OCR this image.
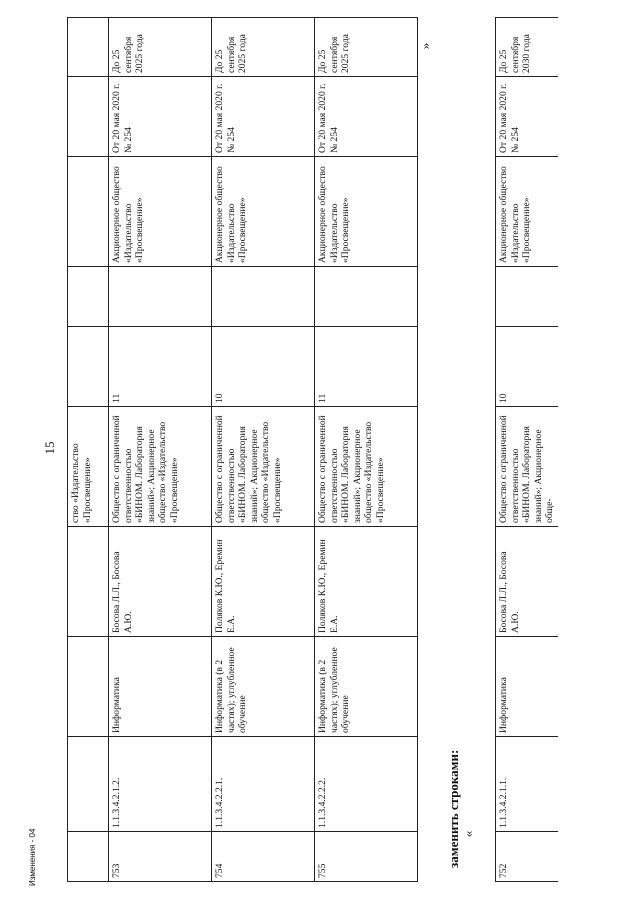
15
				ство «Издательство «Просвещение»					
753	1.1.3.4.2.1.2.	Информатика	Босова Л.Л., Босова А.Ю.	Общество с ограниченной ответственностью «БИНОМ. Лаборатория знаний»; Акционерное общество «Издательство «Просвещение»	11		Акционерное общество «Издательство «Просвещение»	От 20 мая 2020 г. № 254	До 25 сентября 2025 года
754	1.1.3.4.2.2.1.	Информатика (в 2 частях); углубленное обучение	Поляков К.Ю., Еремин Е.А.	Общество с ограниченной ответственностью «БИНОМ. Лаборатория знаний»; Акционерное общество «Издательство «Просвещение»	10		Акционерное общество «Издательство «Просвещение»	От 20 мая 2020 г. № 254	До 25 сентября 2025 года
755	1.1.3.4.2.2.2.	Информатика (в 2 частях); углубленное обучение	Поляков К.Ю., Еремин Е.А.	Общество с ограниченной ответственностью «БИНОМ. Лаборатория знаний»; Акционерное общество «Издательство «Просвещение»	11		Акционерное общество «Издательство «Просвещение»	От 20 мая 2020 г. № 254	До 25 сентября 2025 года	»
заменить строками: «
752	1.1.3.4.2.1.1.	Информатика	Босова Л.Л., Босова А.Ю.	Общество с ограниченной ответственностью «БИНОМ. Лаборатория знаний»; Акционерное обще-	10		Акционерное общество «Издательство «Просвещение»	От 20 мая 2020 г. № 254	До 25 сентября 2030 года
Изменения - 04
